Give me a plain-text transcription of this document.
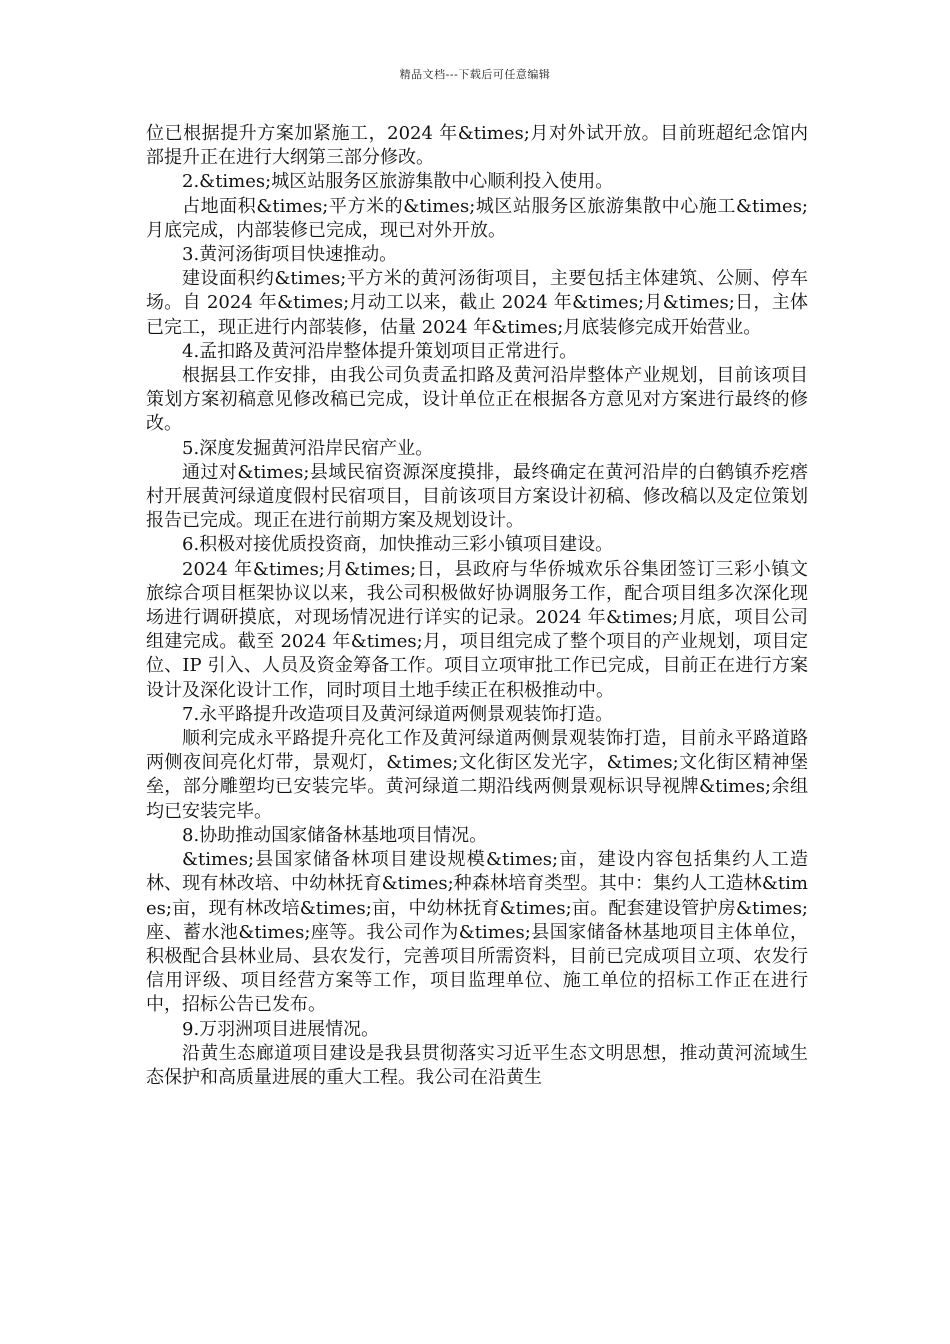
精品文档---下载后可任意编辑

位已根据提升方案加紧施工，2024 年&times;月对外试开放。目前班超纪念馆内部提升正在进行大纲第三部分修改。

2.&times;城区站服务区旅游集散中心顺利投入使用。

占地面积&times;平方米的&times;城区站服务区旅游集散中心施工&times;月底完成，内部装修已完成，现已对外开放。

3.黄河汤街项目快速推动。

建设面积约&times;平方米的黄河汤街项目，主要包括主体建筑、公厕、停车场。自 2024 年&times;月动工以来，截止 2024 年&times;月&times;日，主体已完工，现正进行内部装修，估量 2024 年&times;月底装修完成开始营业。

4.孟扣路及黄河沿岸整体提升策划项目正常进行。

根据县工作安排，由我公司负责孟扣路及黄河沿岸整体产业规划，目前该项目策划方案初稿意见修改稿已完成，设计单位正在根据各方意见对方案进行最终的修改。

5.深度发掘黄河沿岸民宿产业。

通过对&times;县域民宿资源深度摸排，最终确定在黄河沿岸的白鹤镇乔疙瘩村开展黄河绿道度假村民宿项目，目前该项目方案设计初稿、修改稿以及定位策划报告已完成。现正在进行前期方案及规划设计。

6.积极对接优质投资商，加快推动三彩小镇项目建设。

2024 年&times;月&times;日，县政府与华侨城欢乐谷集团签订三彩小镇文旅综合项目框架协议以来，我公司积极做好协调服务工作，配合项目组多次深化现场进行调研摸底，对现场情况进行详实的记录。2024 年&times;月底，项目公司组建完成。截至 2024 年&times;月，项目组完成了整个项目的产业规划，项目定位、IP 引入、人员及资金筹备工作。项目立项审批工作已完成，目前正在进行方案设计及深化设计工作，同时项目土地手续正在积极推动中。

7.永平路提升改造项目及黄河绿道两侧景观装饰打造。

顺利完成永平路提升亮化工作及黄河绿道两侧景观装饰打造，目前永平路道路两侧夜间亮化灯带，景观灯，&times;文化街区发光字，&times;文化街区精神堡垒，部分雕塑均已安装完毕。黄河绿道二期沿线两侧景观标识导视牌&times;余组均已安装完毕。

8.协助推动国家储备林基地项目情况。

&times;县国家储备林项目建设规模&times;亩，建设内容包括集约人工造林、现有林改培、中幼林抚育&times;种森林培育类型。其中：集约人工造林&times;亩，现有林改培&times;亩，中幼林抚育&times;亩。配套建设管护房&times;座、蓄水池&times;座等。我公司作为&times;县国家储备林基地项目主体单位，积极配合县林业局、县农发行，完善项目所需资料，目前已完成项目立项、农发行信用评级、项目经营方案等工作，项目监理单位、施工单位的招标工作正在进行中，招标公告已发布。

9.万羽洲项目进展情况。

沿黄生态廊道项目建设是我县贯彻落实习近平生态文明思想，推动黄河流域生态保护和高质量进展的重大工程。我公司在沿黄生
